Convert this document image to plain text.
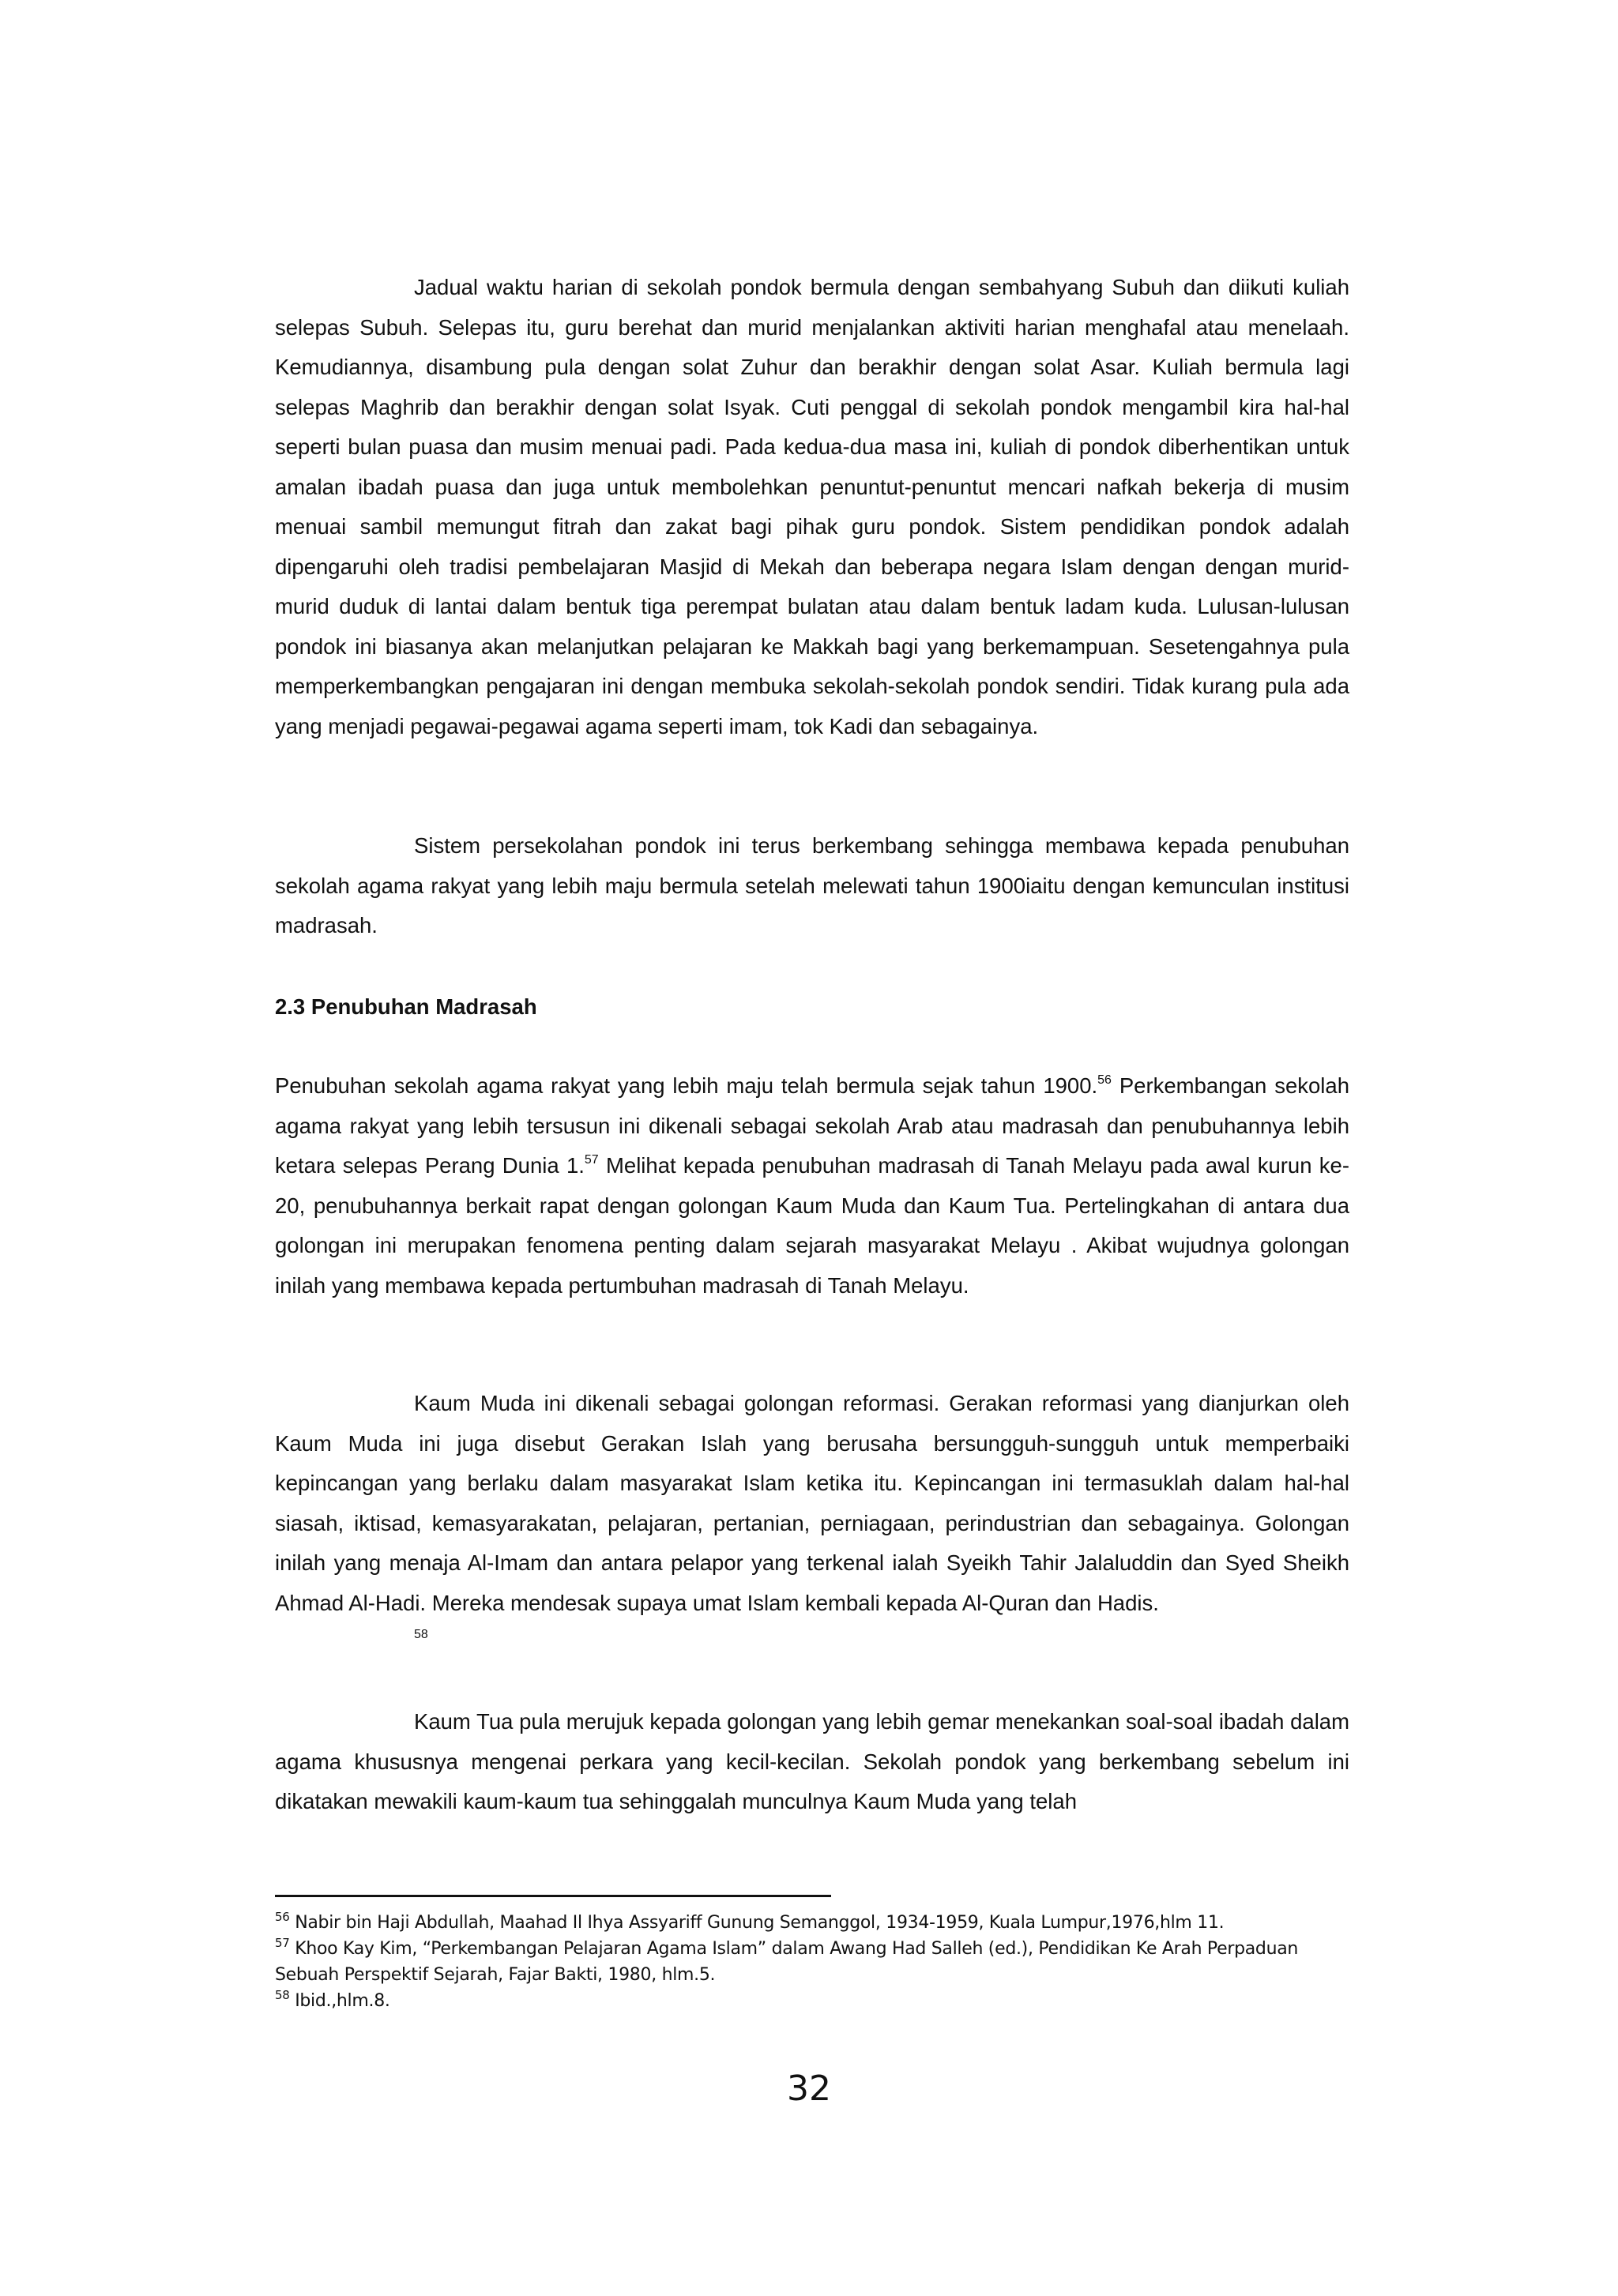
Jadual waktu harian di sekolah pondok bermula dengan sembahyang Subuh dan diikuti kuliah selepas Subuh. Selepas itu, guru berehat dan murid menjalankan aktiviti harian menghafal atau menelaah. Kemudiannya, disambung pula dengan solat Zuhur dan berakhir dengan solat Asar. Kuliah bermula lagi selepas Maghrib dan berakhir dengan solat Isyak. Cuti penggal di sekolah pondok mengambil kira hal-hal seperti bulan puasa dan musim menuai padi. Pada kedua-dua masa ini, kuliah di pondok diberhentikan untuk amalan ibadah puasa dan juga untuk membolehkan penuntut-penuntut mencari nafkah bekerja di musim menuai sambil memungut fitrah dan zakat bagi pihak guru pondok. Sistem pendidikan pondok adalah dipengaruhi oleh tradisi pembelajaran Masjid di Mekah dan beberapa negara Islam dengan dengan murid-murid duduk di lantai dalam bentuk tiga perempat bulatan atau dalam bentuk ladam kuda. Lulusan-lulusan pondok ini biasanya akan melanjutkan pelajaran ke Makkah bagi yang berkemampuan. Sesetengahnya pula memperkembangkan pengajaran ini dengan membuka sekolah-sekolah pondok sendiri. Tidak kurang pula ada yang menjadi pegawai-pegawai agama seperti imam, tok Kadi dan sebagainya.

Sistem persekolahan pondok ini terus berkembang sehingga membawa kepada penubuhan sekolah agama rakyat yang lebih maju bermula setelah melewati tahun 1900iaitu dengan kemunculan institusi madrasah.

2.3 Penubuhan Madrasah

Penubuhan sekolah agama rakyat yang lebih maju telah bermula sejak tahun 1900.56 Perkembangan sekolah agama rakyat yang lebih tersusun ini dikenali sebagai sekolah Arab atau madrasah dan penubuhannya lebih ketara selepas Perang Dunia 1.57 Melihat kepada penubuhan madrasah di Tanah Melayu pada awal kurun ke-20, penubuhannya berkait rapat dengan golongan Kaum Muda dan Kaum Tua. Pertelingkahan di antara dua golongan ini merupakan fenomena penting dalam sejarah masyarakat Melayu . Akibat wujudnya golongan inilah yang membawa kepada pertumbuhan madrasah di Tanah Melayu.

Kaum Muda ini dikenali sebagai golongan reformasi. Gerakan reformasi yang dianjurkan oleh Kaum Muda ini juga disebut Gerakan Islah yang berusaha bersungguh-sungguh untuk memperbaiki kepincangan yang berlaku dalam masyarakat Islam ketika itu. Kepincangan ini termasuklah dalam hal-hal siasah, iktisad, kemasyarakatan, pelajaran, pertanian, perniagaan, perindustrian dan sebagainya. Golongan inilah yang menaja Al-Imam dan antara pelapor yang terkenal ialah Syeikh Tahir Jalaluddin dan Syed Sheikh Ahmad Al-Hadi. Mereka mendesak supaya umat Islam kembali kepada Al-Quran dan Hadis.
58

Kaum Tua pula merujuk kepada golongan yang lebih gemar menekankan soal-soal ibadah dalam agama khususnya mengenai perkara yang kecil-kecilan. Sekolah pondok yang berkembang sebelum ini dikatakan mewakili kaum-kaum tua sehinggalah munculnya Kaum Muda yang telah

$^{56}$ Nabir bin Haji Abdullah, Maahad Il Ihya Assyariff Gunung Semanggol, 1934-1959, Kuala Lumpur,1976,hlm 11.

$^{57}$ Khoo Kay Kim, “Perkembangan Pelajaran Agama Islam” dalam Awang Had Salleh (ed.), Pendidikan Ke Arah Perpaduan Sebuah Perspektif Sejarah, Fajar Bakti, 1980, hlm.5.

$^{58}$ Ibid.,hlm.8.

32
